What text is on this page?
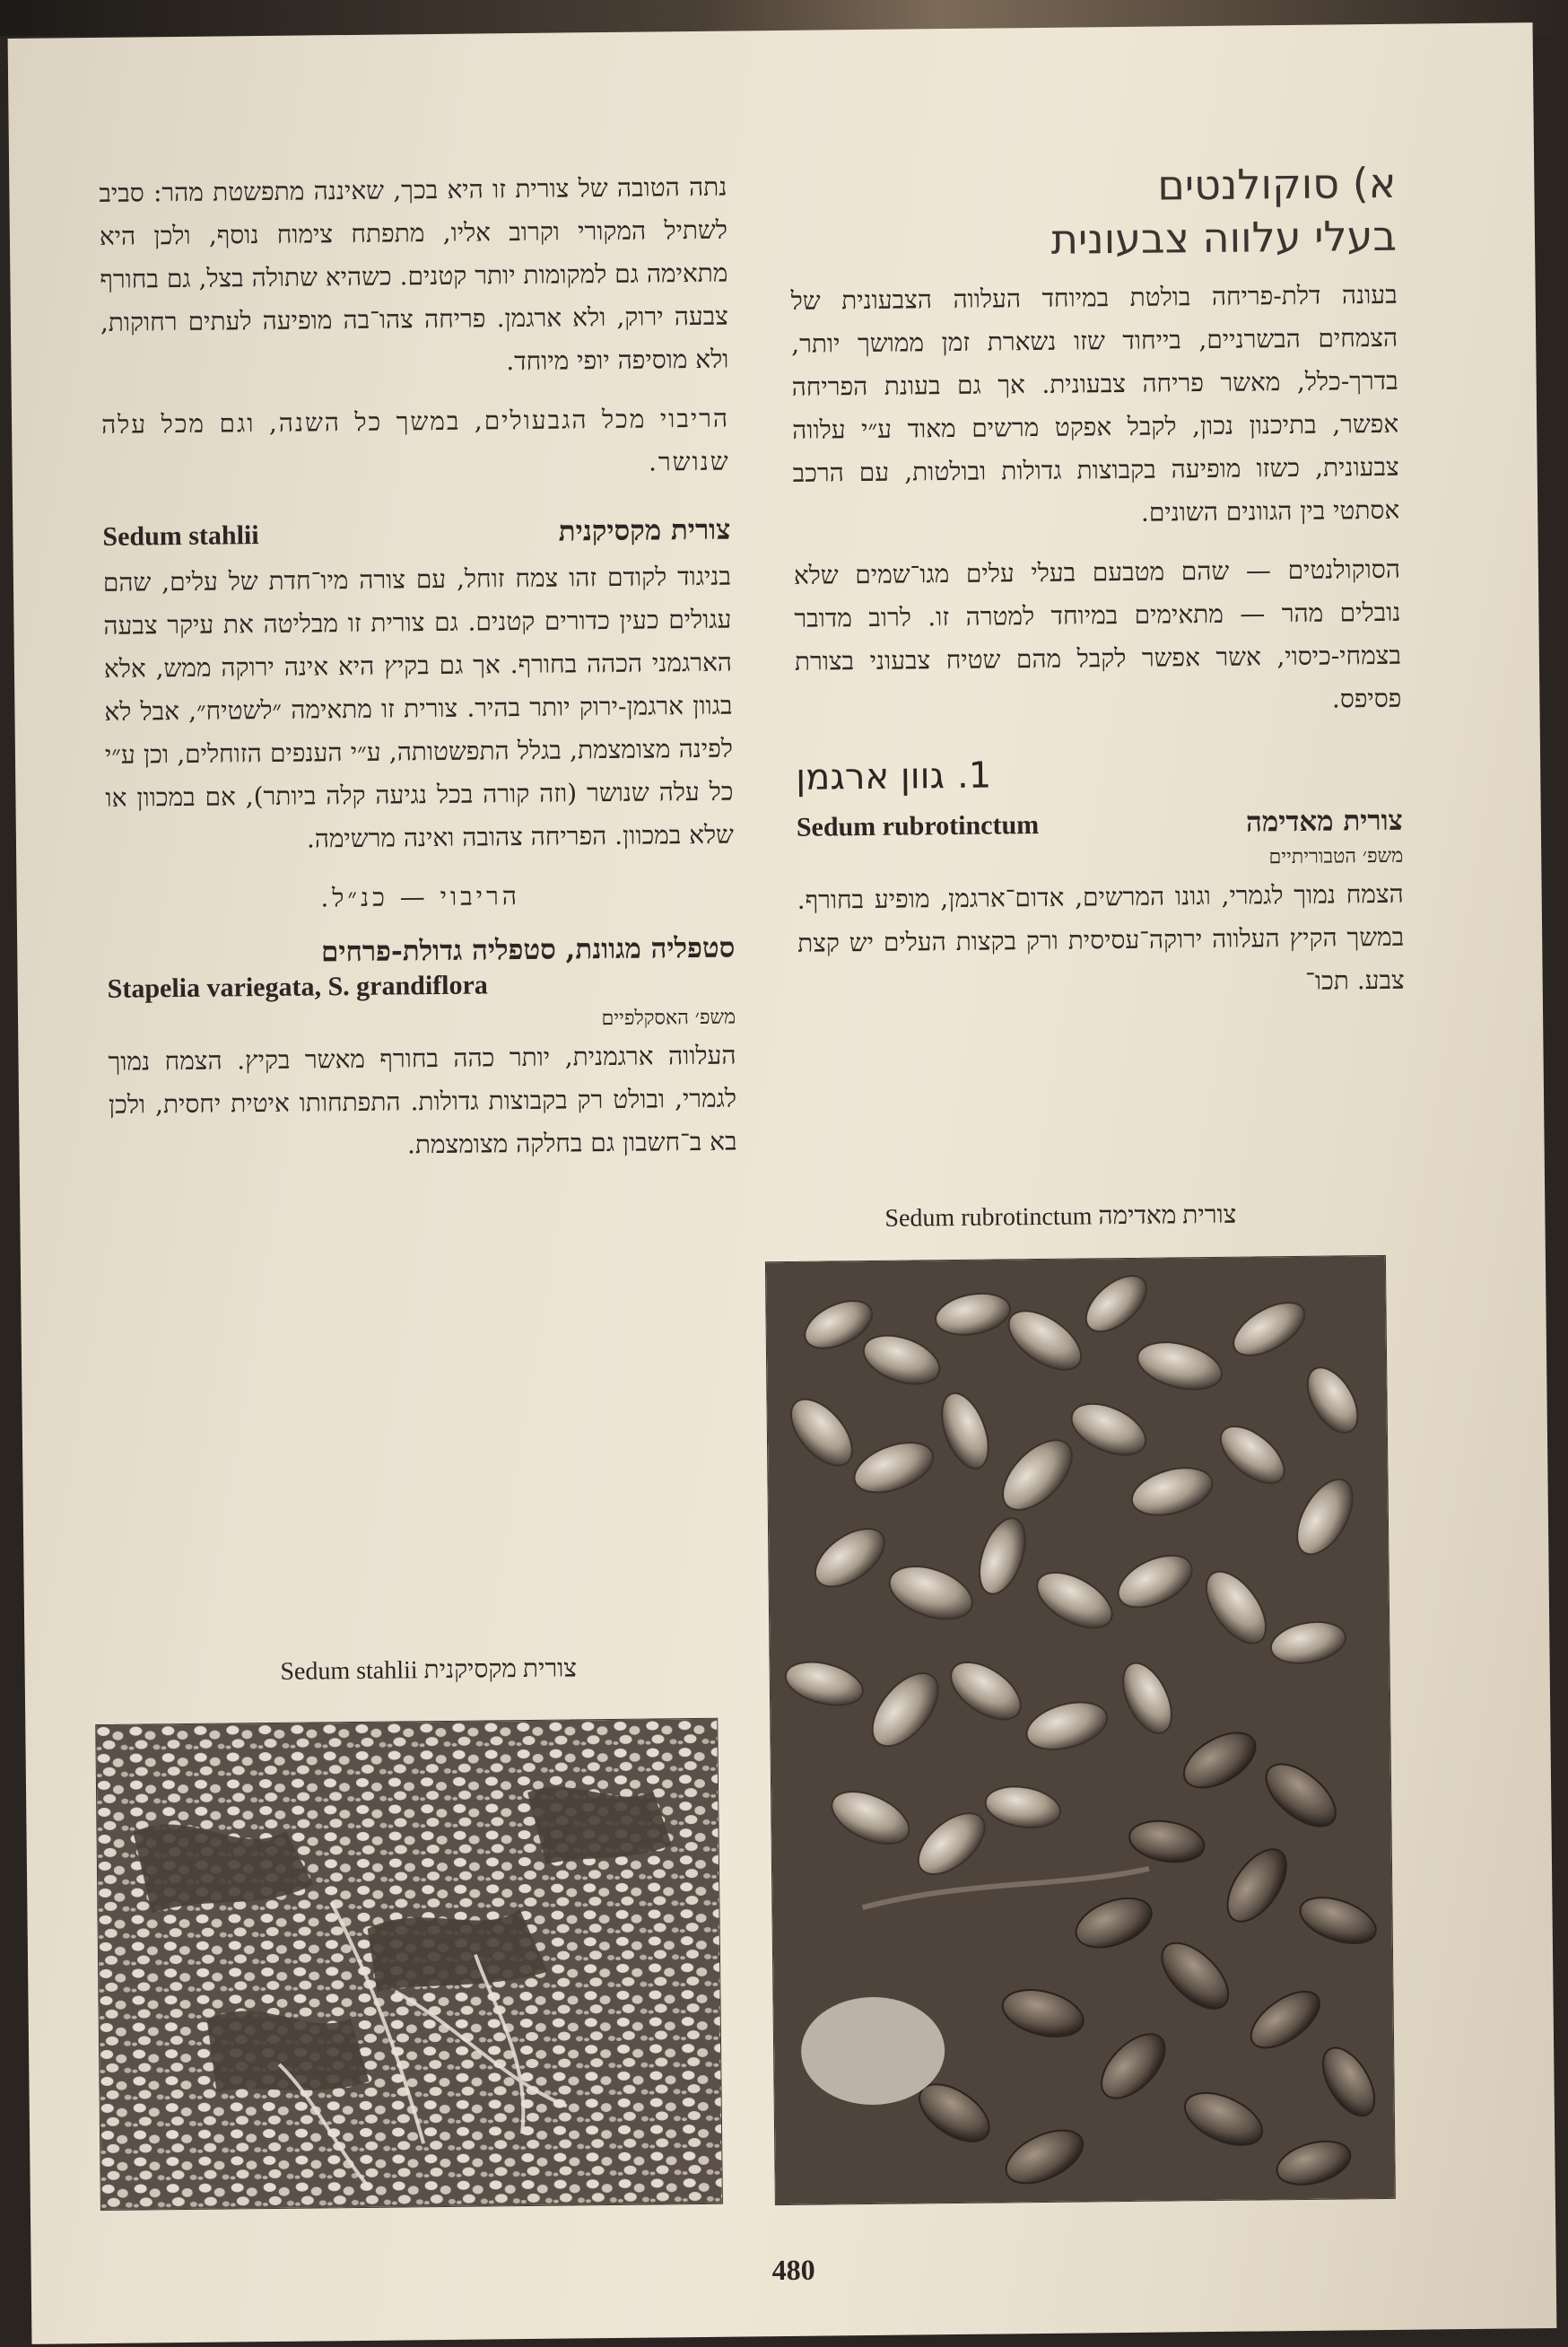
א) סוקולנטים
בעלי עלווה צבעונית

בעונה דלת-פריחה בולטת במיוחד העלווה הצבעונית של הצמחים הבשרניים, בייחוד שזו נשארת זמן ממושך יותר, בדרך-כלל, מאשר פריחה צבעונית. אך גם בעונת הפריחה אפשר, בתיכנון נכון, לקבל אפקט מרשים מאוד ע״י עלווה צבעונית, כשזו מופיעה בקבוצות גדולות ובולטות, עם הרכב אסתטי בין הגוונים השונים.

הסוקולנטים — שהם מטבעם בעלי עלים מגו־שמים שלא נובלים מהר — מתאימים במיוחד למטרה זו. לרוב מדובר בצמחי-כיסוי, אשר אפשר לקבל מהם שטיח צבעוני בצורת פסיפס.

1.
גוון ארגמן
Sedum rubrotinctum	צורית מאדימה
משפ׳ הטבוריתיים

הצמח נמוך לגמרי, וגונו המרשים, אדום־ארגמן, מופיע בחורף. במשך הקיץ העלווה ירוקה־עסיסית ורק בקצות העלים יש קצת צבע. תכו־

צורית מאדימה Sedum rubrotinctum

נתה הטובה של צורית זו היא בכך, שאיננה מתפשטת מהר: סביב לשתיל המקורי וקרוב אליו, מתפתח צימוח נוסף, ולכן היא מתאימה גם למקומות יותר קטנים. כשהיא שתולה בצל, גם בחורף צבעה ירוק, ולא ארגמן. פריחה צהו־בה מופיעה לעתים רחוקות, ולא מוסיפה יופי מיוחד.

הריבוי מכל הגבעולים, במשך כל השנה, וגם מכל עלה שנושר.

Sedum stahlii	צורית מקסיקנית

בניגוד לקודם זהו צמח זוחל, עם צורה מיו־חדת של עלים, שהם עגולים כעין כדורים קטנים. גם צורית זו מבליטה את עיקר צבעה הארגמני הכהה בחורף. אך גם בקיץ היא אינה ירוקה ממש, אלא בגוון ארגמן-ירוק יותר בהיר. צורית זו מתאימה ״לשטיח״, אבל לא לפינה מצומצמת, בגלל התפשטותה, ע״י הענפים הזוחלים, וכן ע״י כל עלה שנושר (וזה קורה בכל נגיעה קלה ביותר), אם במכוון או שלא במכוון. הפריחה צהובה ואינה מרשימה.

הריבוי — כנ״ל.

סטפליה מגוונת, סטפליה גדולת-פרחים
Stapelia variegata, S. grandiflora
משפ׳ האסקלפיים

העלווה ארגמנית, יותר כהה בחורף מאשר בקיץ. הצמח נמוך לגמרי, ובולט רק בקבוצות גדולות. התפתחותו איטית יחסית, ולכן בא ב־חשבון גם בחלקה מצומצמת.

צורית מקסיקנית Sedum stahlii
480
